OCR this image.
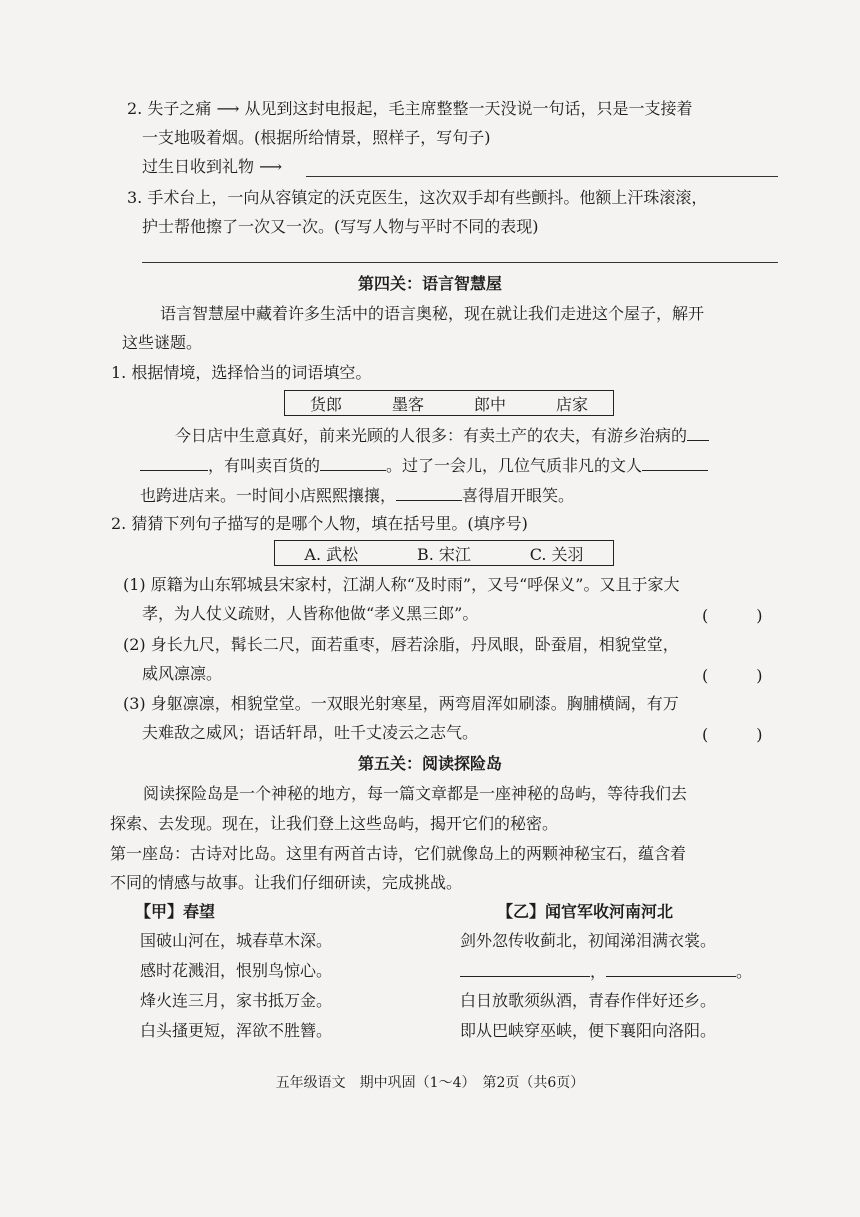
2. 失子之痛 ⟶ 从见到这封电报起，毛主席整整一天没说一句话，只是一支接着
一支地吸着烟。(根据所给情景，照样子，写句子)
过生日收到礼物 ⟶
3. 手术台上，一向从容镇定的沃克医生，这次双手却有些颤抖。他额上汗珠滚滚，
护士帮他擦了一次又一次。(写写人物与平时不同的表现)
第四关：语言智慧屋
语言智慧屋中藏着许多生活中的语言奥秘，现在就让我们走进这个屋子，解开
这些谜题。
1. 根据情境，选择恰当的词语填空。
货郎	墨客	郎中	店家
今日店中生意真好，前来光顾的人很多：有卖土产的农夫，有游乡治病的
，有叫卖百货的	。过了一会儿，几位气质非凡的文人
也跨进店来。一时间小店熙熙攘攘，	喜得眉开眼笑。
2. 猜猜下列句子描写的是哪个人物，填在括号里。(填序号)
A. 武松	B. 宋江	C. 关羽
(1) 原籍为山东郓城县宋家村，江湖人称“及时雨”，又号“呼保义”。又且于家大
孝，为人仗义疏财，人皆称他做“孝义黑三郎”。	(　　　)
(2) 身长九尺，髯长二尺，面若重枣，唇若涂脂，丹凤眼，卧蚕眉，相貌堂堂，
威风凛凛。	(　　　)
(3) 身躯凛凛，相貌堂堂。一双眼光射寒星，两弯眉浑如刷漆。胸脯横阔，有万
夫难敌之威风；语话轩昂，吐千丈凌云之志气。	(　　　)
第五关：阅读探险岛
阅读探险岛是一个神秘的地方，每一篇文章都是一座神秘的岛屿，等待我们去
探索、去发现。现在，让我们登上这些岛屿，揭开它们的秘密。
第一座岛：古诗对比岛。这里有两首古诗，它们就像岛上的两颗神秘宝石，蕴含着
不同的情感与故事。让我们仔细研读，完成挑战。
【甲】春望
国破山河在，城春草木深。
感时花溅泪，恨别鸟惊心。
烽火连三月，家书抵万金。
白头搔更短，浑欲不胜簪。
【乙】闻官军收河南河北
剑外忽传收蓟北，初闻涕泪满衣裳。
，	。
白日放歌须纵酒，青春作伴好还乡。
即从巴峡穿巫峡，便下襄阳向洛阳。
五年级语文　期中巩固（1～4）　第2页（共6页）
